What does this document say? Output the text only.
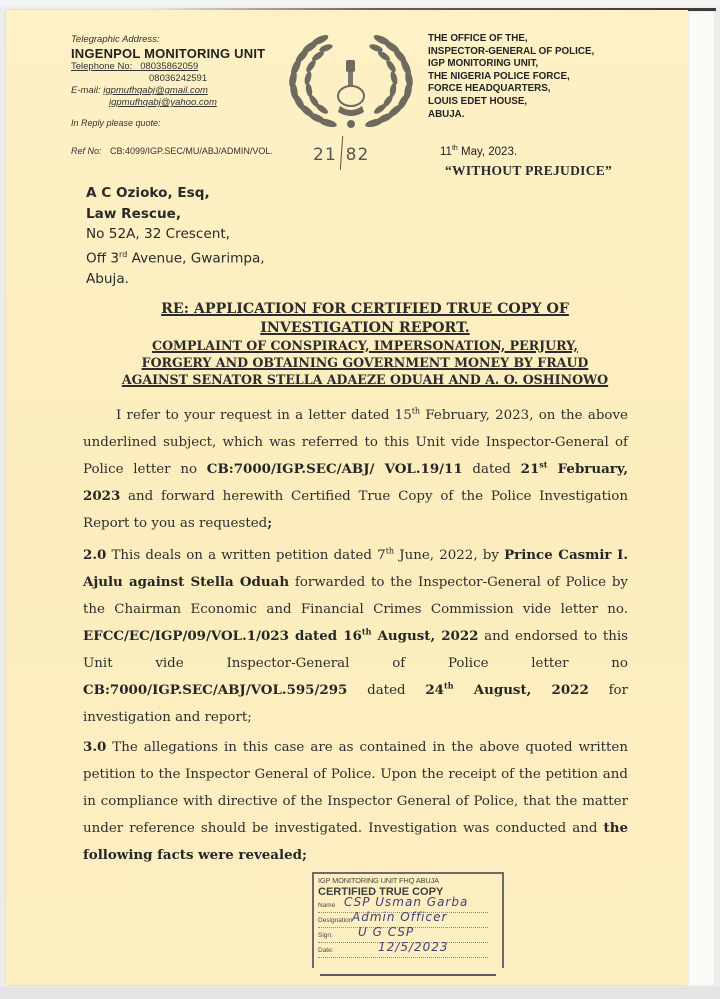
Telegraphic Address:
INGENPOL MONITORING UNIT
Telephone No: 08035862059
08036242591
E-mail: igpmufhqabj@gmail.com
igpmufhqabj@yahoo.com
In Reply please quote:
Ref No: CB:4099/IGP.SEC/MU/ABJ/ADMIN/VOL. 21 82
THE OFFICE OF THE,
INSPECTOR-GENERAL OF POLICE,
IGP MONITORING UNIT,
THE NIGERIA POLICE FORCE,
FORCE HEADQUARTERS,
LOUIS EDET HOUSE,
ABUJA.
11th May, 2023.
“WITHOUT PREJUDICE”
A C Ozioko, Esq,
Law Rescue,
No 52A, 32 Crescent,
Off 3rd Avenue, Gwarimpa,
Abuja.
RE: APPLICATION FOR CERTIFIED TRUE COPY OF
INVESTIGATION REPORT.
COMPLAINT OF CONSPIRACY, IMPERSONATION, PERJURY,
FORGERY AND OBTAINING GOVERNMENT MONEY BY FRAUD
AGAINST SENATOR STELLA ADAEZE ODUAH AND A. O. OSHINOWO
I refer to your request in a letter dated 15th February, 2023, on the above underlined subject, which was referred to this Unit vide Inspector-General of Police letter no CB:7000/IGP.SEC/ABJ/ VOL.19/11 dated 21st February, 2023 and forward herewith Certified True Copy of the Police Investigation Report to you as requested;
2.0 This deals on a written petition dated 7th June, 2022, by Prince Casmir I. Ajulu against Stella Oduah forwarded to the Inspector-General of Police by the Chairman Economic and Financial Crimes Commission vide letter no. EFCC/EC/IGP/09/VOL.1/023 dated 16th August, 2022 and endorsed to this Unit vide Inspector-General of Police letter no CB:7000/IGP.SEC/ABJ/VOL.595/295 dated 24th August, 2022 for investigation and report;
3.0 The allegations in this case are as contained in the above quoted written petition to the Inspector General of Police. Upon the receipt of the petition and in compliance with directive of the Inspector General of Police, that the matter under reference should be investigated. Investigation was conducted and the following facts were revealed;
IGP MONITORING UNIT FHQ ABUJA
CERTIFIED TRUE COPY
Name CSP Usman Garba
Designation Admin Officer
Sign: U G CSP
Date:	12/5/2023
